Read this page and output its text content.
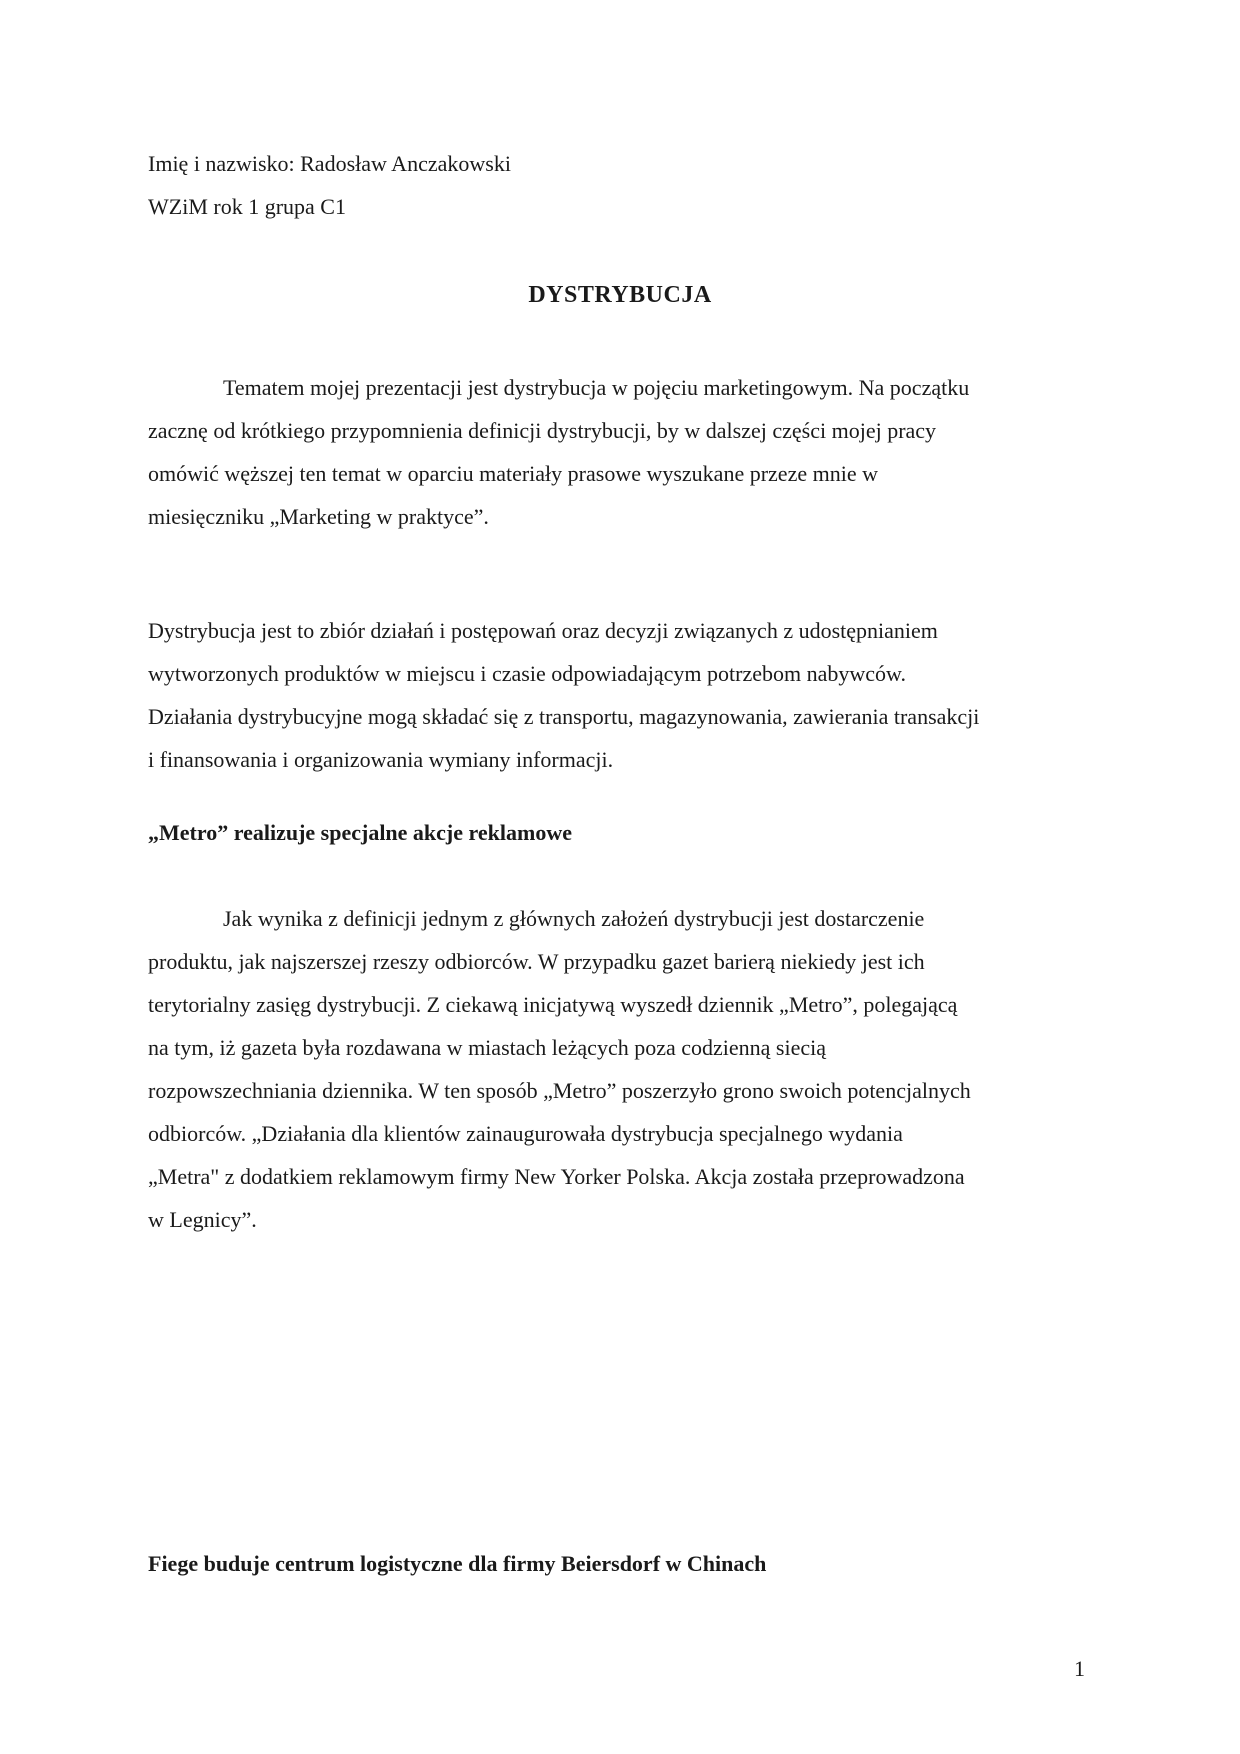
Imię i nazwisko: Radosław Anczakowski
WZiM rok 1 grupa C1
DYSTRYBUCJA
Tematem mojej prezentacji jest dystrybucja w pojęciu marketingowym. Na początku
zacznę od krótkiego przypomnienia definicji dystrybucji, by w dalszej części mojej pracy
omówić węższej ten temat w oparciu materiały prasowe wyszukane przeze mnie w
miesięczniku „Marketing w praktyce”.
Dystrybucja jest to zbiór działań i postępowań oraz decyzji związanych z udostępnianiem
wytworzonych produktów w miejscu i czasie odpowiadającym potrzebom nabywców.
Działania dystrybucyjne mogą składać się z transportu, magazynowania, zawierania transakcji
i finansowania i organizowania wymiany informacji.
„Metro” realizuje specjalne akcje reklamowe
Jak wynika z definicji jednym z głównych założeń dystrybucji jest dostarczenie
produktu, jak najszerszej rzeszy odbiorców. W przypadku gazet barierą niekiedy jest ich
terytorialny zasięg dystrybucji. Z ciekawą inicjatywą wyszedł dziennik „Metro”, polegającą
na tym, iż gazeta była rozdawana w miastach leżących poza codzienną siecią
rozpowszechniania dziennika. W ten sposób „Metro” poszerzyło grono swoich potencjalnych
odbiorców. „Działania dla klientów zainaugurowała dystrybucja specjalnego wydania
„Metra" z dodatkiem reklamowym firmy New Yorker Polska. Akcja została przeprowadzona
w Legnicy”.
Fiege buduje centrum logistyczne dla firmy Beiersdorf w Chinach
1
